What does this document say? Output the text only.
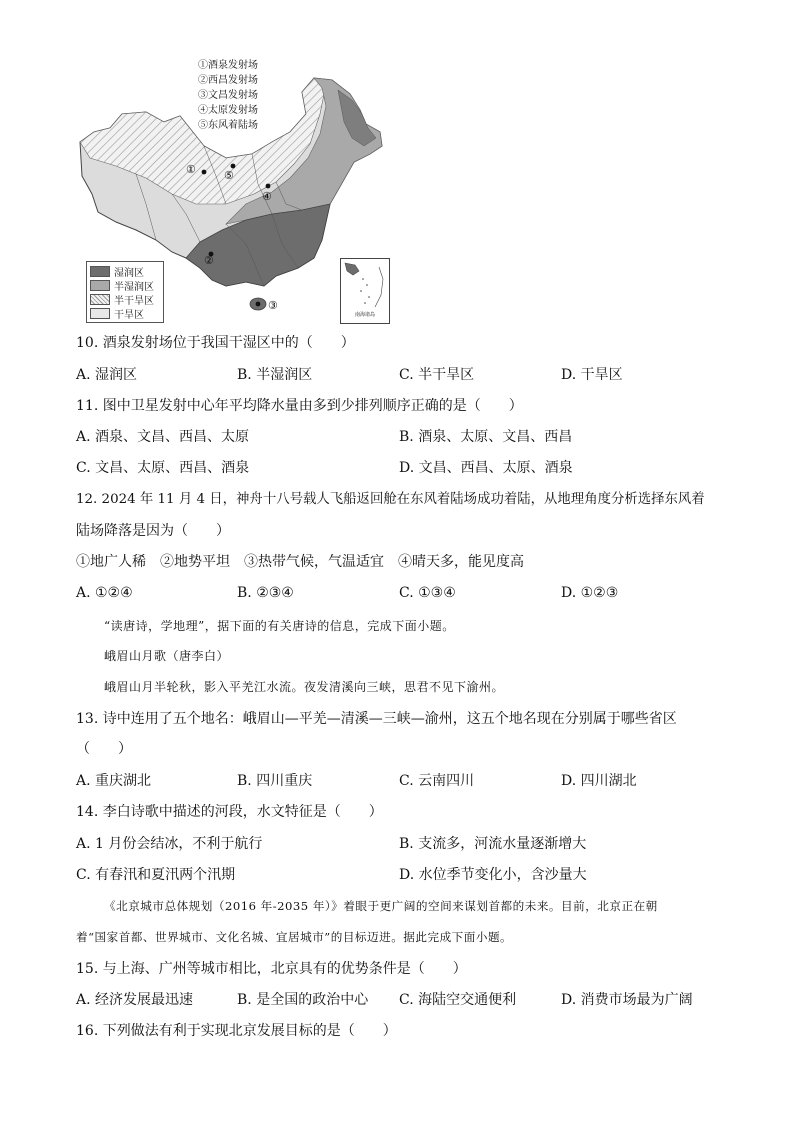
①
②
③
④
⑤
①酒泉发射场
②西昌发射场
③文昌发射场
④太原发射场
⑤东风着陆场
湿润区
半湿润区
半干旱区
干旱区	南海诸岛
10. 酒泉发射场位于我国干湿区中的（　　）
A. 湿润区	B. 半湿润区	C. 半干旱区	D. 干旱区
11. 图中卫星发射中心年平均降水量由多到少排列顺序正确的是（　　）
A. 酒泉、文昌、西昌、太原	B. 酒泉、太原、文昌、西昌
C. 文昌、太原、西昌、酒泉	D. 文昌、西昌、太原、酒泉
12. 2024 年 11 月 4 日，神舟十八号载人飞船返回舱在东风着陆场成功着陆，从地理角度分析选择东风着
陆场降落是因为（　　）
①地广人稀　②地势平坦　③热带气候，气温适宜　④晴天多，能见度高
A. ①②④	B. ②③④	C. ①③④	D. ①②③
“读唐诗，学地理”，据下面的有关唐诗的信息，完成下面小题。
峨眉山月歌（唐李白）
峨眉山月半轮秋，影入平羌江水流。夜发清溪向三峡，思君不见下渝州。
13. 诗中连用了五个地名：峨眉山—平羌—清溪—三峡—渝州，这五个地名现在分别属于哪些省区
（　　）
A. 重庆湖北	B. 四川重庆	C. 云南四川	D. 四川湖北
14. 李白诗歌中描述的河段，水文特征是（　　）
A. 1 月份会结冰，不利于航行	B. 支流多，河流水量逐渐增大
C. 有春汛和夏汛两个汛期	D. 水位季节变化小，含沙量大
《北京城市总体规划（2016 年-2035 年）》着眼于更广阔的空间来谋划首都的未来。目前，北京正在朝
着“国家首都、世界城市、文化名城、宜居城市”的目标迈进。据此完成下面小题。
15. 与上海、广州等城市相比，北京具有的优势条件是（　　）
A. 经济发展最迅速	B. 是全国的政治中心 C. 海陆空交通便利	D. 消费市场最为广阔
16. 下列做法有利于实现北京发展目标的是（　　）
